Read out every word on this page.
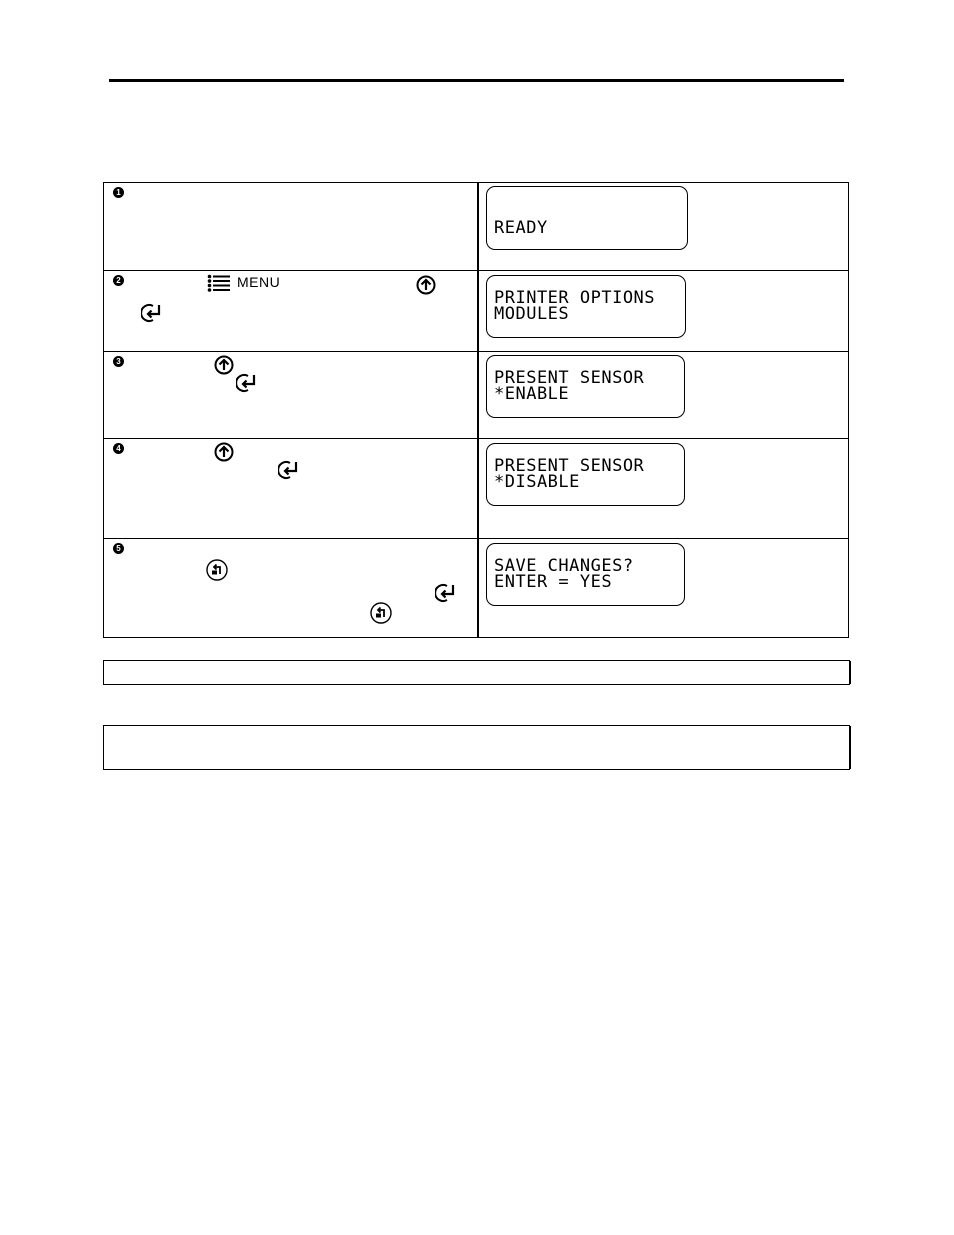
1
READY
2	MENU
PRINTER OPTIONS
MODULES
3
PRESENT SENSOR
*ENABLE
4
PRESENT SENSOR
*DISABLE
5
SAVE CHANGES?
ENTER = YES
